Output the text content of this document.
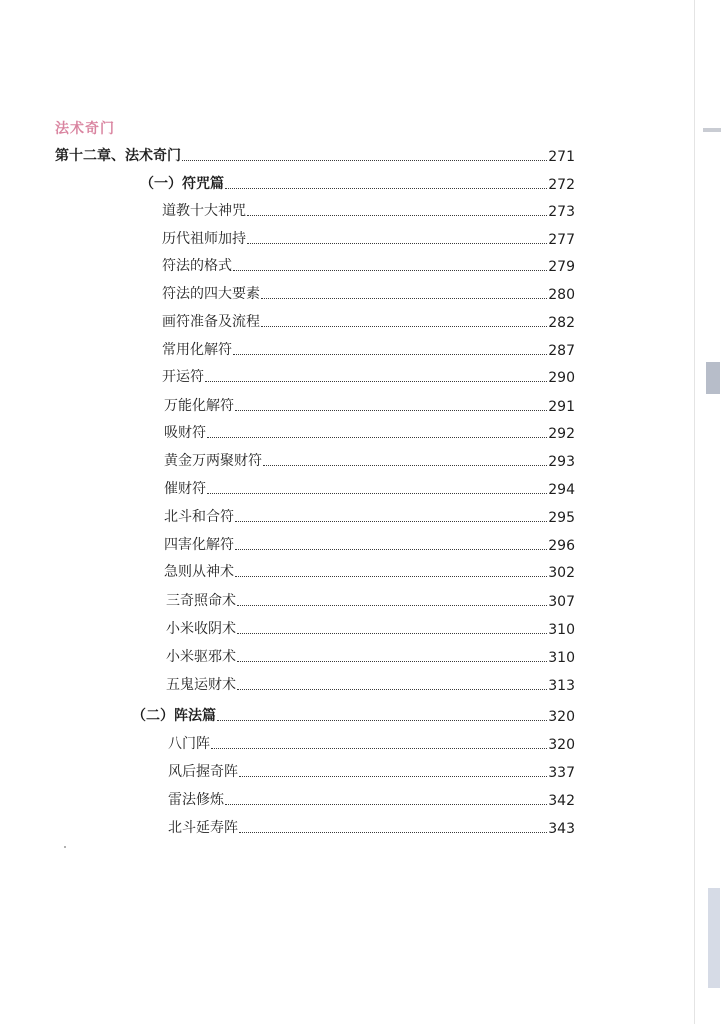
法术奇门
第十二章、法术奇门	271
（一）符咒篇	272
道教十大神咒	273
历代祖师加持	277
符法的格式	279
符法的四大要素	280
画符准备及流程	282
常用化解符	287
开运符	290
万能化解符	291
吸财符	292
黄金万两聚财符	293
催财符	294
北斗和合符	295
四害化解符	296
急则从神术	302
三奇照命术	307
小米收阴术	310
小米驱邪术	310
五鬼运财术	313
（二）阵法篇	320
八门阵	320
风后握奇阵	337
雷法修炼	342
北斗延寿阵	343
